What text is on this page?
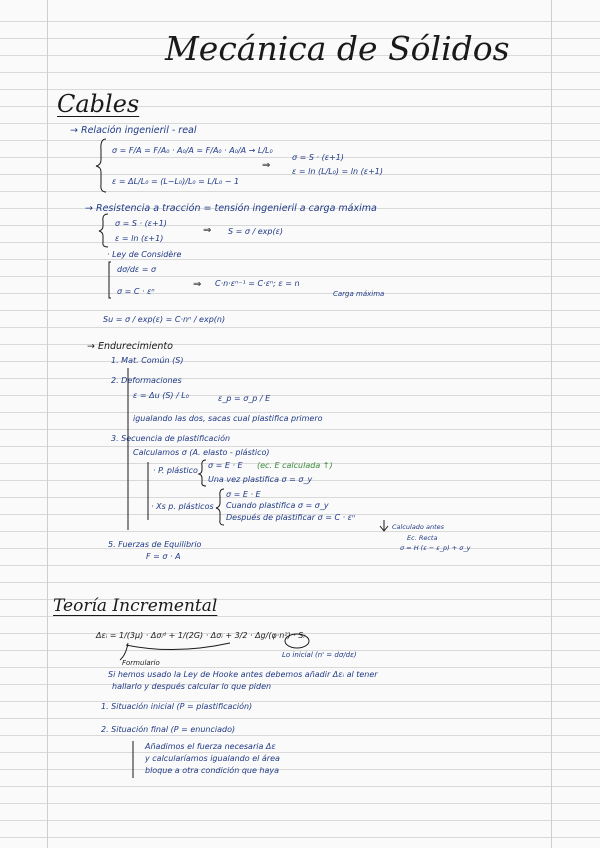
Mecánica de Sólidos
Cables
→ Relación ingenieril - real
σ = F/A = F/A₀ · A₀/A = F/A₀ · A₀/A → L/L₀
ε = ΔL/L₀ = (L−L₀)/L₀ = L/L₀ − 1
⇒
σ = S · (ε+1)
ε = ln (L/L₀) = ln (ε+1)
→ Resistencia a tracción = tensión ingenieril a carga máxima
σ = S · (ε+1)
ε = ln (ε+1)
⇒ S = σ / exp(ε)
· Ley de Considère
dσ/dε = σ
σ = C · εⁿ
⇒ C·n·εⁿ⁻¹ = C·εⁿ; ε = n
Carga máxima
Su = σ / exp(ε) = C·nⁿ / exp(n)
→ Endurecimiento
1. Mat. Común (S)
2. Deformaciones
ε = Δu (S) / L₀	ε_p = σ_p / E
igualando las dos, sacas cual plastifica primero
3. Secuencia de plastificación
Calculamos σ (A. elasto - plástico)
· P. plástico
σ = E · E (ec. E calculada ↑)
Una vez plastifica σ = σ_y
· Xs p. plásticos
σ = E · E
Cuando plastifica σ = σ_y
Después de plastificar σ = C · εⁿ
Calculado antes
Ec. Recta
σ = H (ε − ε_p) + σ_y
5. Fuerzas de Equilibrio
F = σ · A
Teoría Incremental
Δεᵢ = 1/(3μ) · Δσᵢᵈ + 1/(2G) · Δσᵢ + 3/2 · Δg/(φ·n²) · Sᵢ
Formulario
Lo inicial (n' = dσ/dε)
Si hemos usado la Ley de Hooke antes debemos añadir Δεᵢ al tener
hallarlo y después calcular lo que piden
1. Situación inicial (P = plastificación)
2. Situación final (P = enunciado)
Añadimos el fuerza necesaria Δε
y calcularíamos igualando el área
bloque a otra condición que haya
